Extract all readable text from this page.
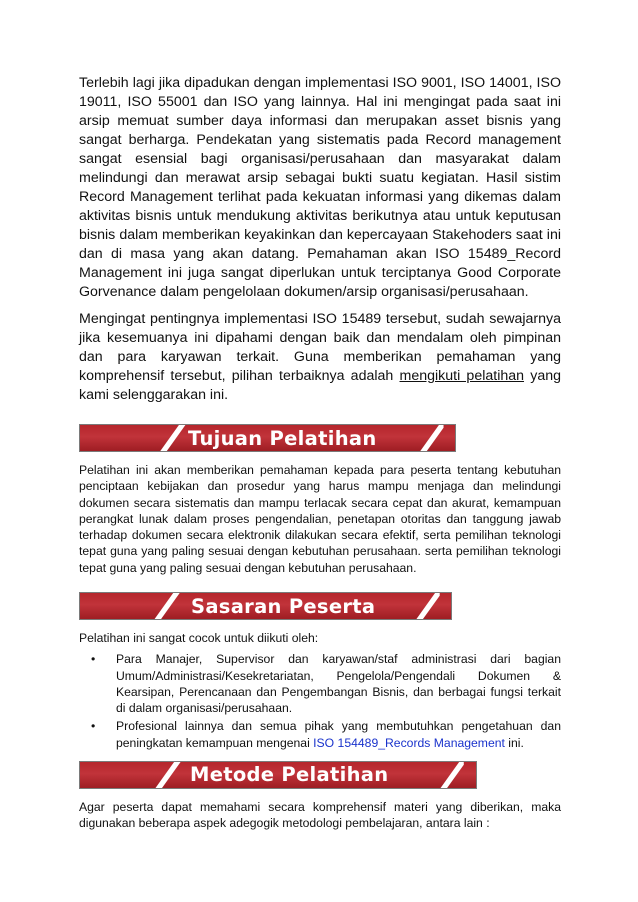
Terlebih lagi jika dipadukan dengan implementasi ISO 9001, ISO 14001, ISO 19011, ISO 55001 dan ISO yang lainnya. Hal ini mengingat pada saat ini arsip memuat sumber daya informasi dan merupakan asset bisnis yang sangat berharga. Pendekatan yang sistematis pada Record management sangat esensial bagi organisasi/perusahaan dan masyarakat dalam melindungi dan merawat arsip sebagai bukti suatu kegiatan. Hasil sistim Record Management terlihat pada kekuatan informasi yang dikemas dalam aktivitas bisnis untuk mendukung aktivitas berikutnya atau untuk keputusan bisnis dalam memberikan keyakinkan dan kepercayaan Stakehoders saat ini dan di masa yang akan datang. Pemahaman akan ISO 15489_Record Management ini juga sangat diperlukan untuk terciptanya Good Corporate Gorvenance dalam pengelolaan dokumen/arsip organisasi/perusahaan.

Mengingat pentingnya implementasi ISO 15489 tersebut, sudah sewajarnya jika kesemuanya ini dipahami dengan baik dan mendalam oleh pimpinan dan para karyawan terkait. Guna memberikan pemahaman yang komprehensif tersebut, pilihan terbaiknya adalah mengikuti pelatihan yang kami selenggarakan ini.

Tujuan Pelatihan

Pelatihan ini akan memberikan pemahaman kepada para peserta tentang kebutuhan penciptaan kebijakan dan prosedur yang harus mampu menjaga dan melindungi dokumen secara sistematis dan mampu terlacak secara cepat dan akurat, kemampuan perangkat lunak dalam proses pengendalian, penetapan otoritas dan tanggung jawab terhadap dokumen secara elektronik dilakukan secara efektif, serta pemilihan teknologi tepat guna yang paling sesuai dengan kebutuhan perusahaan. serta pemilihan teknologi tepat guna yang paling sesuai dengan kebutuhan perusahaan.

Sasaran Peserta

Pelatihan ini sangat cocok untuk diikuti oleh:

• Para Manajer, Supervisor dan karyawan/staf administrasi dari bagian Umum/Administrasi/Kesekretariatan, Pengelola/Pengendali Dokumen & Kearsipan, Perencanaan dan Pengembangan Bisnis, dan berbagai fungsi terkait di dalam organisasi/perusahaan.
• Profesional lainnya dan semua pihak yang membutuhkan pengetahuan dan peningkatan kemampuan mengenai ISO 154489_Records Management ini.
Metode Pelatihan

Agar peserta dapat memahami secara komprehensif materi yang diberikan, maka digunakan beberapa aspek adegogik metodologi pembelajaran, antara lain :
